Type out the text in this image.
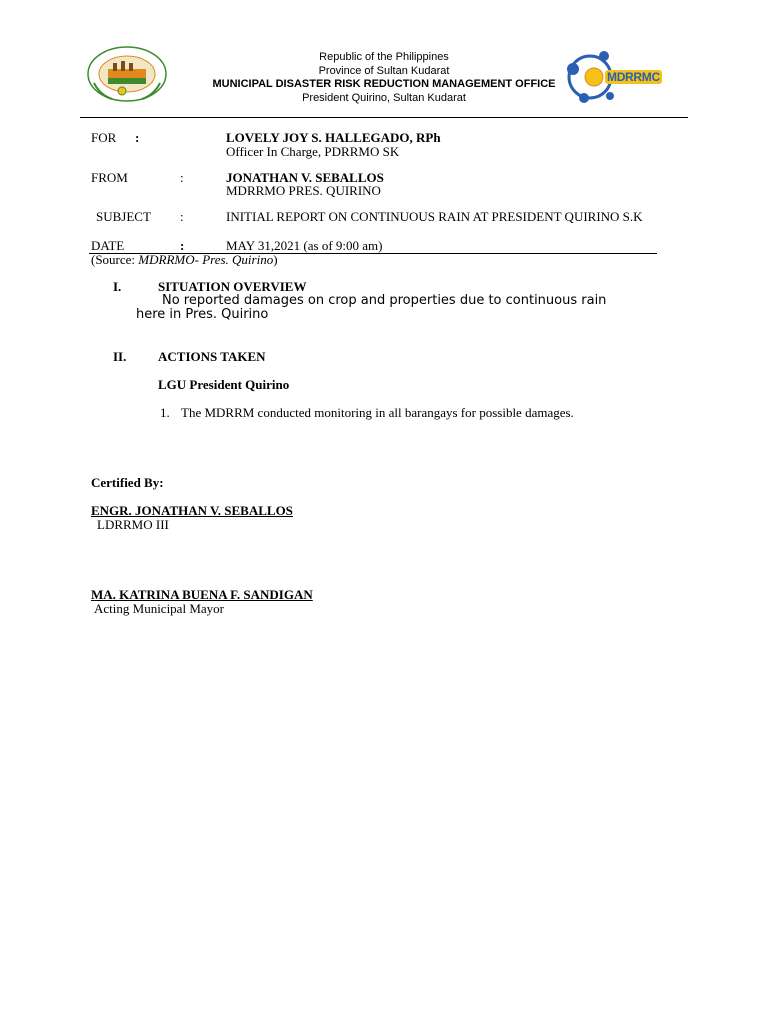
MDRRMC
Republic of the Philippines
Province of Sultan Kudarat
MUNICIPAL DISASTER RISK REDUCTION MANAGEMENT OFFICE
President Quirino, Sultan Kudarat
FOR :	LOVELY JOY S. HALLEGADO, RPh
Officer In Charge, PDRRMO SK
FROM	:	JONATHAN V. SEBALLOS
MDRRMO PRES. QUIRINO
SUBJECT :	INITIAL REPORT ON CONTINUOUS RAIN AT PRESIDENT QUIRINO S.K
DATE	:	MAY 31,2021 (as of 9:00 am)
(Source: MDRRMO- Pres. Quirino)
I.	SITUATION OVERVIEW
No reported damages on crop and properties due to continuous rain
here in Pres. Quirino
II. ACTIONS TAKEN
LGU President Quirino
1. The MDRRM conducted monitoring in all barangays for possible damages.
Certified By:
ENGR. JONATHAN V. SEBALLOS
LDRRMO III
MA. KATRINA BUENA F. SANDIGAN
Acting Municipal Mayor
